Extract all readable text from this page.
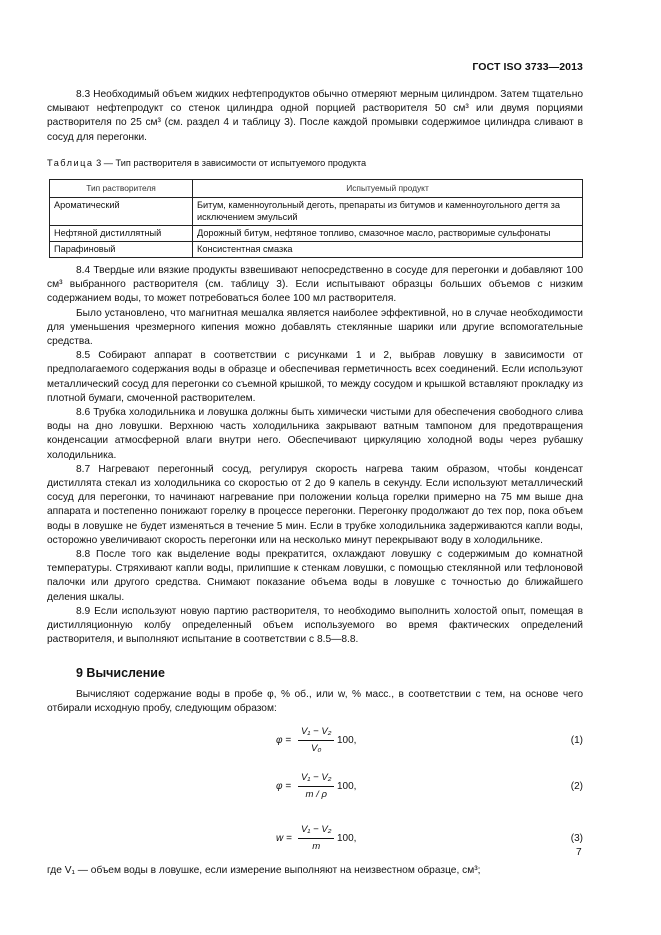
ГОСТ ISO 3733—2013

8.3 Необходимый объем жидких нефтепродуктов обычно отмеряют мерным цилиндром. Затем тщательно смывают нефтепродукт со стенок цилиндра одной порцией растворителя 50 см³ или двумя порциями растворителя по 25 см³ (см. раздел 4 и таблицу 3). После каждой промывки содержимое цилиндра сливают в сосуд для перегонки.

Таблица 3 — Тип растворителя в зависимости от испытуемого продукта

Тип растворителя	Испытуемый продукт
Ароматический	Битум, каменноугольный деготь, препараты из битумов и каменноугольного дегтя за исключением эмульсий
Нефтяной дистиллятный	Дорожный битум, нефтяное топливо, смазочное масло, растворимые сульфонаты
Парафиновый	Консистентная смазка

8.4 Твердые или вязкие продукты взвешивают непосредственно в сосуде для перегонки и добавляют 100 см³ выбранного растворителя (см. таблицу 3). Если испытывают образцы больших объемов с низким содержанием воды, то может потребоваться более 100 мл растворителя.

Было установлено, что магнитная мешалка является наиболее эффективной, но в случае необходимости для уменьшения чрезмерного кипения можно добавлять стеклянные шарики или другие вспомогательные средства.

8.5 Собирают аппарат в соответствии с рисунками 1 и 2, выбрав ловушку в зависимости от предполагаемого содержания воды в образце и обеспечивая герметичность всех соединений. Если используют металлический сосуд для перегонки со съемной крышкой, то между сосудом и крышкой вставляют прокладку из плотной бумаги, смоченной растворителем.

8.6 Трубка холодильника и ловушка должны быть химически чистыми для обеспечения свободного слива воды на дно ловушки. Верхнюю часть холодильника закрывают ватным тампоном для предотвращения конденсации атмосферной влаги внутри него. Обеспечивают циркуляцию холодной воды через рубашку холодильника.

8.7 Нагревают перегонный сосуд, регулируя скорость нагрева таким образом, чтобы конденсат дистиллята стекал из холодильника со скоростью от 2 до 9 капель в секунду. Если используют металлический сосуд для перегонки, то начинают нагревание при положении кольца горелки примерно на 75 мм выше дна аппарата и постепенно понижают горелку в процессе перегонки. Перегонку продолжают до тех пор, пока объем воды в ловушке не будет изменяться в течение 5 мин. Если в трубке холодильника задерживаются капли воды, осторожно увеличивают скорость перегонки или на несколько минут перекрывают воду в холодильнике.

8.8 После того как выделение воды прекратится, охлаждают ловушку с содержимым до комнатной температуры. Стряхивают капли воды, прилипшие к стенкам ловушки, с помощью стеклянной или тефлоновой палочки или другого средства. Снимают показание объема воды в ловушке с точностью до ближайшего деления шкалы.

8.9 Если используют новую партию растворителя, то необходимо выполнить холостой опыт, помещая в дистилляционную колбу определенный объем используемого во время фактических определений растворителя, и выполняют испытание в соответствии с 8.5—8.8.

9 Вычисление

Вычисляют содержание воды в пробе φ, % об., или w, % масс., в соответствии с тем, на основе чего отбирали исходную пробу, следующим образом:

$\varphi = \frac{\text{V₁ − V₂}}{\text{V₀}} 100$,	(1)
$\varphi = \frac{\text{V₁ − V₂}}{m / \rho} 100$,	(2)
$w = \frac{\text{V₁ − V₂}}{m} 100$,	(3)

где V₁ — объем воды в ловушке, если измерение выполняют на неизвестном образце, см³;

7
